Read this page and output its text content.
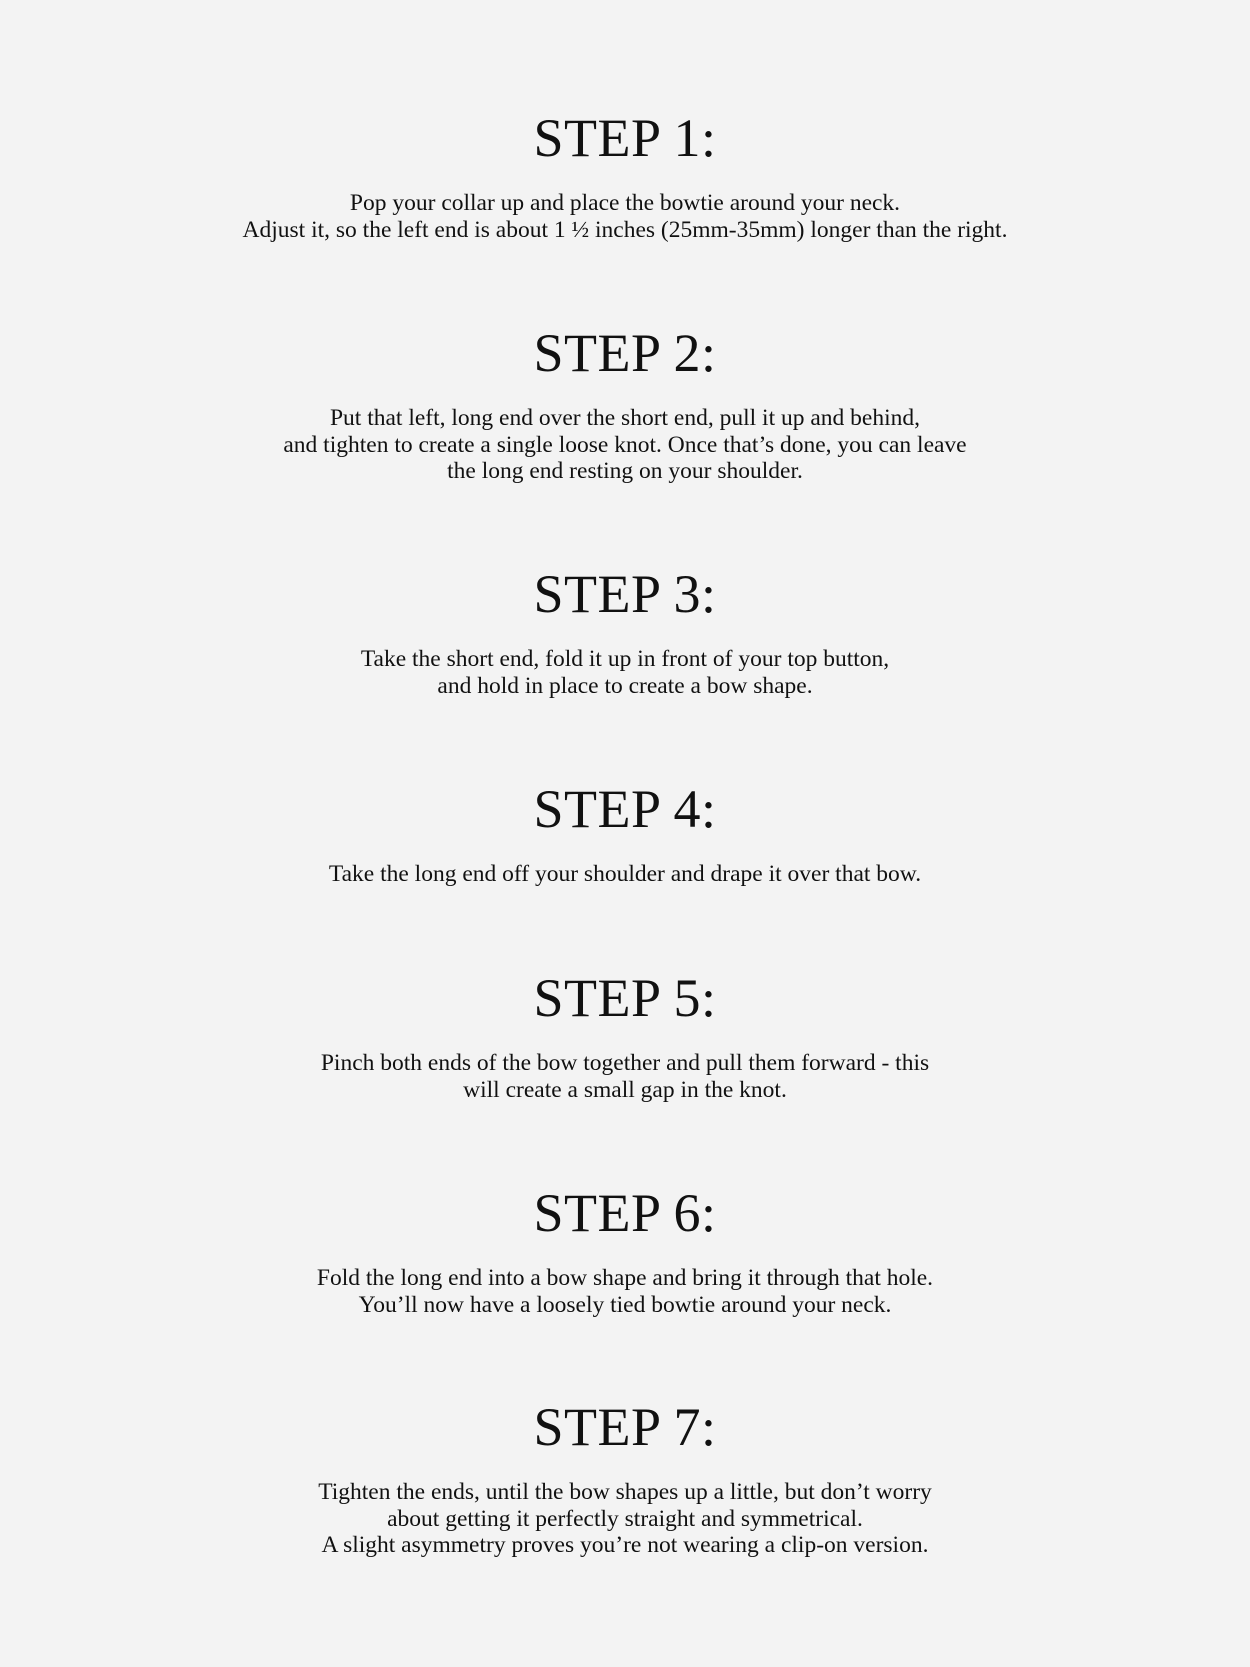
STEP 1:

Pop your collar up and place the bowtie around your neck.
Adjust it, so the left end is about 1 ½ inches (25mm-35mm) longer than the right.

STEP 2:

Put that left, long end over the short end, pull it up and behind,
and tighten to create a single loose knot. Once that’s done, you can leave
the long end resting on your shoulder.

STEP 3:

Take the short end, fold it up in front of your top button,
and hold in place to create a bow shape.

STEP 4:

Take the long end off your shoulder and drape it over that bow.

STEP 5:

Pinch both ends of the bow together and pull them forward - this
will create a small gap in the knot.

STEP 6:

Fold the long end into a bow shape and bring it through that hole.
You’ll now have a loosely tied bowtie around your neck.

STEP 7:

Tighten the ends, until the bow shapes up a little, but don’t worry
about getting it perfectly straight and symmetrical.
A slight asymmetry proves you’re not wearing a clip-on version.
